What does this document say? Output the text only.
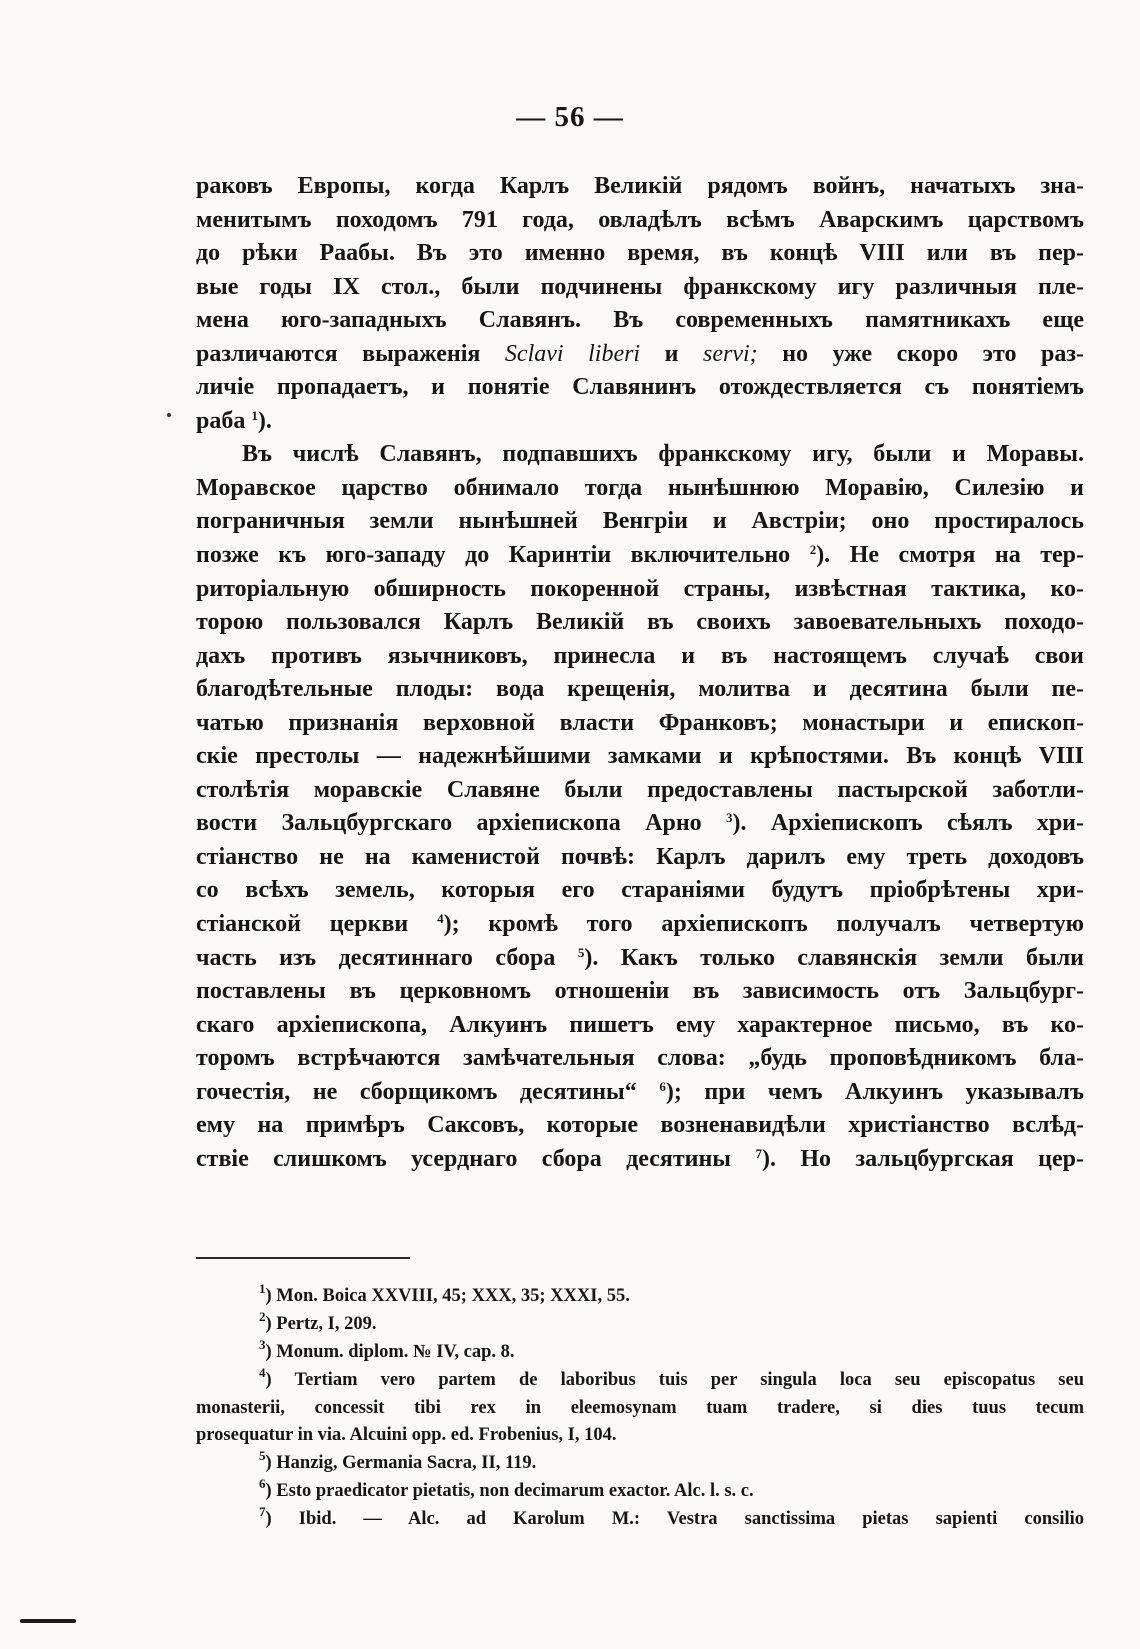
— 56 —
раковъ Европы, когда Карлъ Великій рядомъ войнъ, начатыхъ зна-
менитымъ походомъ 791 года, овладѣлъ всѣмъ Аварскимъ царствомъ
до рѣки Раабы. Въ это именно время, въ концѣ VIII или въ пер-
вые годы IX стол., были подчинены франкскому игу различныя пле-
мена юго-западныхъ Славянъ. Въ современныхъ памятникахъ еще
различаются выраженія Sclavi liberi и servi; но уже скоро это раз-
личіе пропадаетъ, и понятіе Славянинъ отождествляется съ понятіемъ
раба $^1$).
Въ числѣ Славянъ, подпавшихъ франкскому игу, были и Моравы.
Моравское царство обнимало тогда нынѣшнюю Моравію, Силезію и
пограничныя земли нынѣшней Венгріи и Австріи; оно простиралось
позже къ юго-западу до Каринтіи включительно $^2$). Не смотря на тер-
риторіальную обширность покоренной страны, извѣстная тактика, ко-
торою пользовался Карлъ Великій въ своихъ завоевательныхъ походо-
дахъ противъ язычниковъ, принесла и въ настоящемъ случаѣ свои
благодѣтельные плоды: вода крещенія, молитва и десятина были пе-
чатью признанія верховной власти Франковъ; монастыри и епископ-
скіе престолы — надежнѣйшими замками и крѣпостями. Въ концѣ VIII
столѣтія моравскіе Славяне были предоставлены пастырской заботли-
вости Зальцбургскаго архіепископа Арно $^3$). Архіепископъ сѣялъ хри-
стіанство не на каменистой почвѣ: Карлъ дарилъ ему треть доходовъ
со всѣхъ земель, которыя его стараніями будутъ пріобрѣтены хри-
стіанской церкви $^4$); кромѣ того архіепископъ получалъ четвертую
часть изъ десятиннаго сбора $^5$). Какъ только славянскія земли были
поставлены въ церковномъ отношеніи въ зависимость отъ Зальцбург-
скаго архіепископа, Алкуинъ пишетъ ему характерное письмо, въ ко-
торомъ встрѣчаются замѣчательныя слова: „будь проповѣдникомъ бла-
гочестія, не сборщикомъ десятины“ $^6$); при чемъ Алкуинъ указывалъ
ему на примѣръ Саксовъ, которые возненавидѣли христіанство вслѣд-
ствіе слишкомъ усерднаго сбора десятины $^7$). Но зальцбургская цер-
$^1$) Mon. Boica XXVIII, 45; XXX, 35; XXXI, 55.
$^2$) Pertz, I, 209.
$^3$) Monum. diplom. № IV, cap. 8.
$^4$) Tertiam vero partem de laboribus tuis per singula loca seu episcopatus seu
monasterii, concessit tibi rex in eleemosynam tuam tradere, si dies tuus tecum
prosequatur in via. Alcuini opp. ed. Frobenius, I, 104.
$^5$) Hanzig, Germania Sacra, II, 119.
$^6$) Esto praedicator pietatis, non decimarum exactor. Alc. l. s. c.
$^7$) Ibid. — Alc. ad Karolum M.: Vestra sanctissima pietas sapienti consilio
